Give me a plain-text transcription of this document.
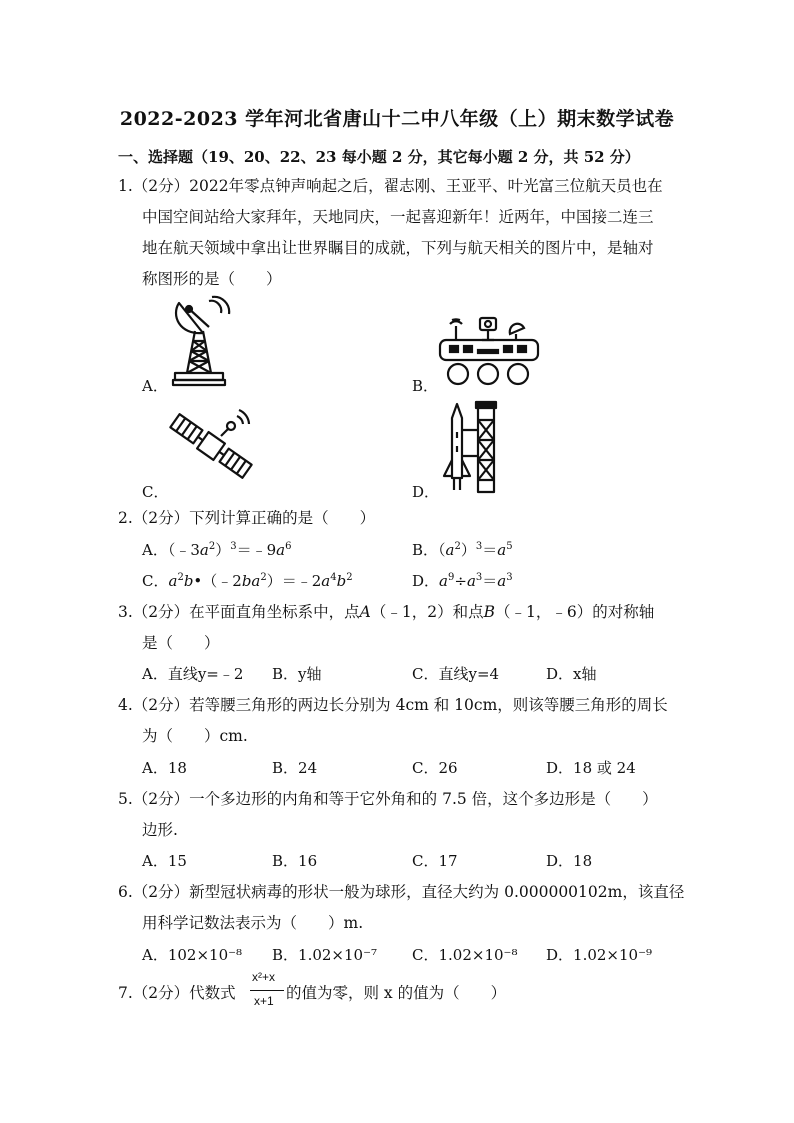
2022-2023 学年河北省唐山十二中八年级（上）期末数学试卷
一、选择题（19、20、22、23 每小题 2 分，其它每小题 2 分，共 52 分）
1.（2分）2022年零点钟声响起之后，翟志刚、王亚平、叶光富三位航天员也在
中国空间站给大家拜年，天地同庆，一起喜迎新年！近两年，中国接二连三
地在航天领域中拿出让世界瞩目的成就，下列与航天相关的图片中，是轴对
称图形的是（　　）
A．	B．
C．	D．
2.（2分）下列计算正确的是（　　）
A．$(﹣3a^2)^3=﹣9a^6$	B．$(a^2)^3=a^5$
C．$a^2b•(﹣2ba^2)=﹣2a^4b^2$	D．$a^9\div a^3=a^3$
3.（2分）在平面直角坐标系中，点A（﹣1，2）和点B（﹣1，﹣6）的对称轴
是（　　）
A．直线y=﹣2 B．y轴	C．直线y=4	D．x轴
4.（2分）若等腰三角形的两边长分别为 4cm 和 10cm，则该等腰三角形的周长
为（　　）cm.
A．18	B．24	C．26	D．18 或 24
5.（2分）一个多边形的内角和等于它外角和的 7.5 倍，这个多边形是（　　）
边形.
A．15	B．16	C．17	D．18
6.（2分）新型冠状病毒的形状一般为球形，直径大约为 0.000000102m，该直径
用科学记数法表示为（　　）m.
A．102×10⁻⁸ B．1.02×10⁻⁷ C．1.02×10⁻⁸ D．1.02×10⁻⁹
7.（2分）代数式
x²+x
x+1 的值为零，则 x 的值为（　　）
